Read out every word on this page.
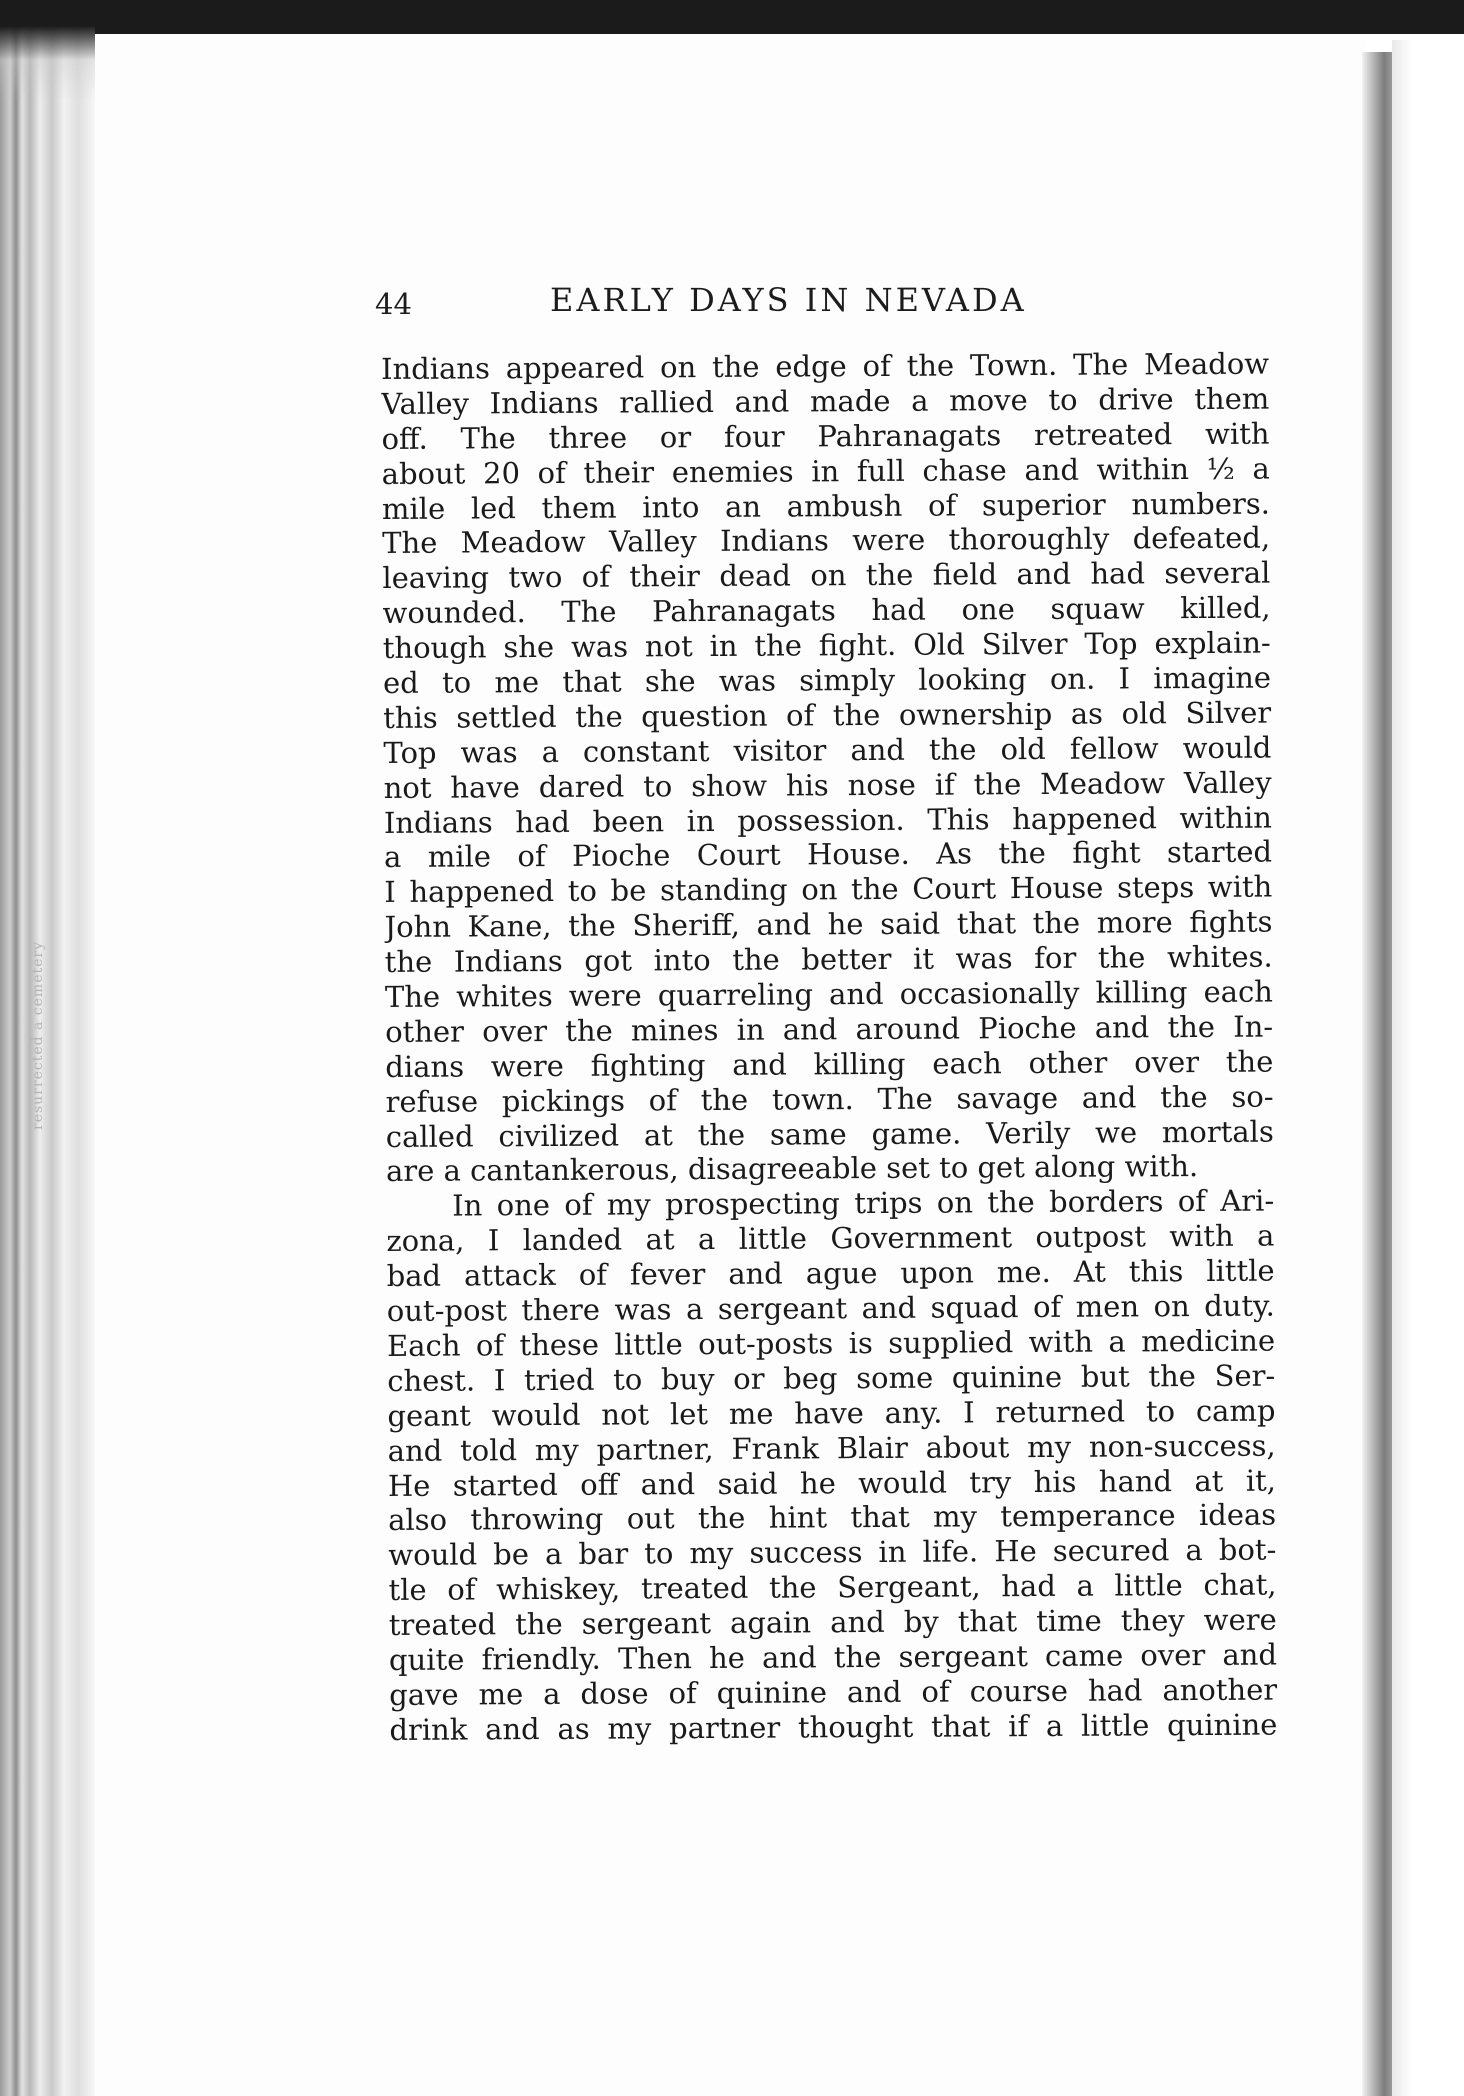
resurrected a cemetery
44	EARLY DAYS IN NEVADA
Indians appeared on the edge of the Town. The Meadow
Valley Indians rallied and made a move to drive them
off. The three or four Pahranagats retreated with
about 20 of their enemies in full chase and within ½ a
mile led them into an ambush of superior numbers.
The Meadow Valley Indians were thoroughly defeated,
leaving two of their dead on the field and had several
wounded. The Pahranagats had one squaw killed,
though she was not in the fight. Old Silver Top explain-
ed to me that she was simply looking on. I imagine
this settled the question of the ownership as old Silver
Top was a constant visitor and the old fellow would
not have dared to show his nose if the Meadow Valley
Indians had been in possession. This happened within
a mile of Pioche Court House. As the fight started
I happened to be standing on the Court House steps with
John Kane, the Sheriff, and he said that the more fights
the Indians got into the better it was for the whites.
The whites were quarreling and occasionally killing each
other over the mines in and around Pioche and the In-
dians were fighting and killing each other over the
refuse pickings of the town. The savage and the so-
called civilized at the same game. Verily we mortals
are a cantankerous, disagreeable set to get along with.
In one of my prospecting trips on the borders of Ari-
zona, I landed at a little Government outpost with a
bad attack of fever and ague upon me. At this little
out-post there was a sergeant and squad of men on duty.
Each of these little out-posts is supplied with a medicine
chest. I tried to buy or beg some quinine but the Ser-
geant would not let me have any. I returned to camp
and told my partner, Frank Blair about my non-success,
He started off and said he would try his hand at it,
also throwing out the hint that my temperance ideas
would be a bar to my success in life. He secured a bot-
tle of whiskey, treated the Sergeant, had a little chat,
treated the sergeant again and by that time they were
quite friendly. Then he and the sergeant came over and
gave me a dose of quinine and of course had another
drink and as my partner thought that if a little quinine
